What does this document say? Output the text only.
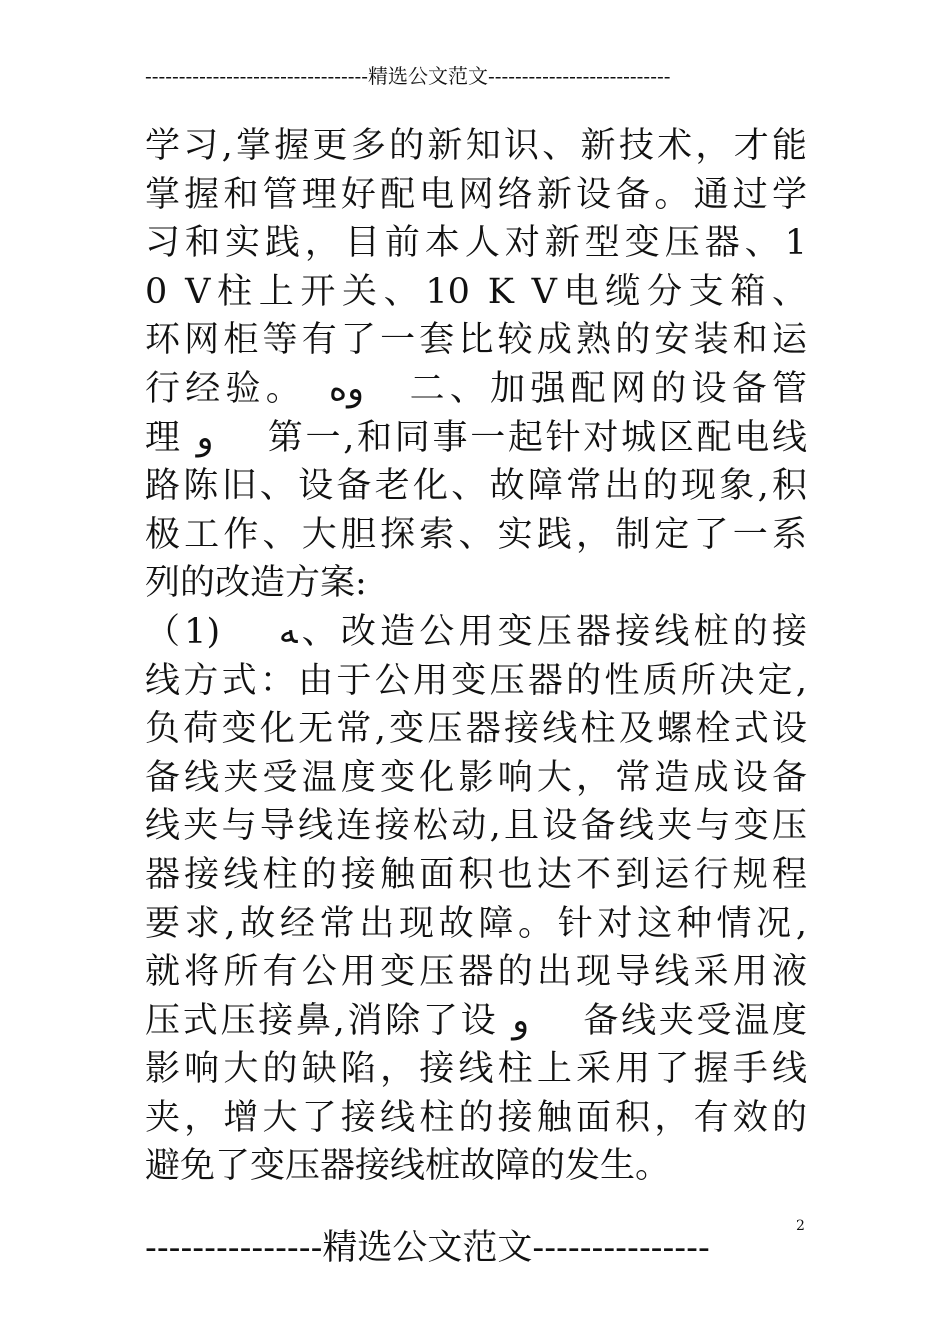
---------------------------------精选公文范文---------------------------
学习,掌握更多的新知识、新技术，才能
掌握和管理好配电网络新设备。通过学
习和实践，目前本人对新型变压器、1
0 V柱上开关、10 K V电缆分支箱、
环网柜等有了一套比较成熟的安装和运
行经验。　وه　二、加强配网的设备管
理 و　 第一,和同事一起针对城区配电线
路陈旧、设备老化、故障常出的现象,积
极工作、大胆探索、实践，制定了一系
列的改造方案:
（1)　 ﻪ、改造公用变压器接线桩的接
线方式：由于公用变压器的性质所决定,
负荷变化无常,变压器接线柱及螺栓式设
备线夹受温度变化影响大，常造成设备
线夹与导线连接松动,且设备线夹与变压
器接线柱的接触面积也达不到运行规程
要求,故经常出现故障。针对这种情况,
就将所有公用变压器的出现导线采用液
压式压接鼻,消除了设 و　 备线夹受温度
影响大的缺陷，接线柱上采用了握手线
夹，增大了接线柱的接触面积，有效的
避免了变压器接线桩故障的发生。
---------------精选公文范文---------------
2
